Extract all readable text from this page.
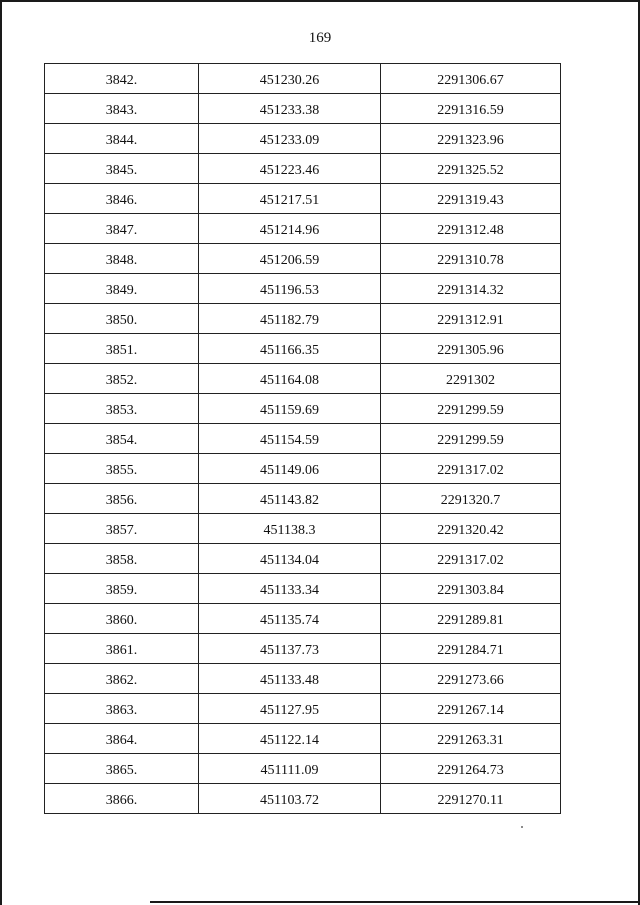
169
3842.	451230.26	2291306.67
3843.	451233.38	2291316.59
3844.	451233.09	2291323.96
3845.	451223.46	2291325.52
3846.	451217.51	2291319.43
3847.	451214.96	2291312.48
3848.	451206.59	2291310.78
3849.	451196.53	2291314.32
3850.	451182.79	2291312.91
3851.	451166.35	2291305.96
3852.	451164.08	2291302
3853.	451159.69	2291299.59
3854.	451154.59	2291299.59
3855.	451149.06	2291317.02
3856.	451143.82	2291320.7
3857.	451138.3	2291320.42
3858.	451134.04	2291317.02
3859.	451133.34	2291303.84
3860.	451135.74	2291289.81
3861.	451137.73	2291284.71
3862.	451133.48	2291273.66
3863.	451127.95	2291267.14
3864.	451122.14	2291263.31
3865.	451111.09	2291264.73
3866.	451103.72	2291270.11
